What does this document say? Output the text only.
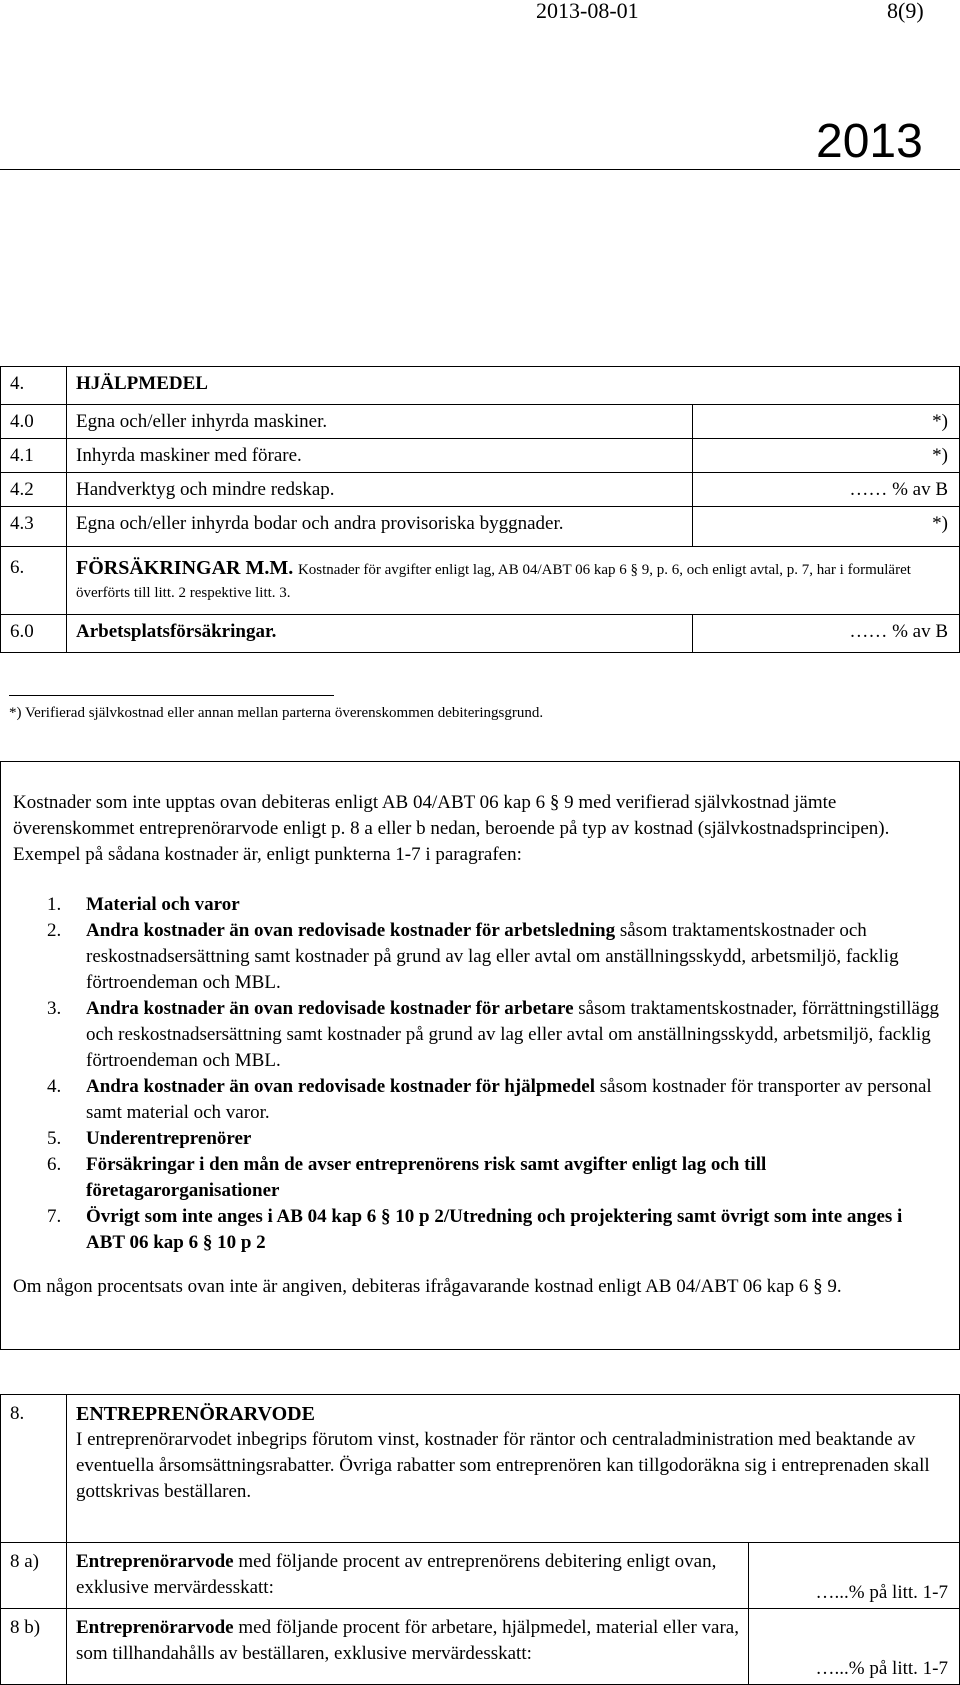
2013-08-01	8(9)
2013
4.	HJÄLPMEDEL	
4.0	Egna och/eller inhyrda maskiner.	*)
4.1	Inhyrda maskiner med förare.	*)
4.2	Handverktyg och mindre redskap.	…… % av B
4.3	Egna och/eller inhyrda bodar och andra provisoriska byggnader.	*)
6.	FÖRSÄKRINGAR M.M. Kostnader för avgifter enligt lag, AB 04/ABT 06 kap 6 § 9, p. 6, och enligt avtal, p. 7, har i formuläret överförts till litt. 2 respektive litt. 3.	
6.0	Arbetsplatsförsäkringar.	…… % av B
*) Verifierad självkostnad eller annan mellan parterna överenskommen debiteringsgrund.
Kostnader som inte upptas ovan debiteras enligt AB 04/ABT 06 kap 6 § 9 med verifierad självkostnad jämte överenskommet entreprenörarvode enligt p. 8 a eller b nedan, beroende på typ av kostnad (självkostnadsprincipen). Exempel på sådana kostnader är, enligt punkterna 1-7 i paragrafen:
1. Material och varor
2. Andra kostnader än ovan redovisade kostnader för arbetsledning såsom traktamentskostnader och reskostnadsersättning samt kostnader på grund av lag eller avtal om anställningsskydd, arbetsmiljö, facklig förtroendeman och MBL.
3. Andra kostnader än ovan redovisade kostnader för arbetare såsom traktamentskostnader, förrättningstillägg och reskostnadsersättning samt kostnader på grund av lag eller avtal om anställningsskydd, arbetsmiljö, facklig förtroendeman och MBL.
4. Andra kostnader än ovan redovisade kostnader för hjälpmedel såsom kostnader för transporter av personal samt material och varor.
5. Underentreprenörer
6. Försäkringar i den mån de avser entreprenörens risk samt avgifter enligt lag och till företagarorganisationer
7. Övrigt som inte anges i AB 04 kap 6 § 10 p 2/Utredning och projektering samt övrigt som inte anges i ABT 06 kap 6 § 10 p 2
Om någon procentsats ovan inte är angiven, debiteras ifrågavarande kostnad enligt AB 04/ABT 06 kap 6 § 9.
8.	ENTREPRENÖRARVODE
I entreprenörarvodet inbegrips förutom vinst, kostnader för räntor och centraladministration med beaktande av eventuella årsomsättningsrabatter. Övriga rabatter som entreprenören kan tillgodoräkna sig i entreprenaden skall gottskrivas beställaren.	

8 a)	Entreprenörarvode med följande procent av entreprenörens debitering enligt ovan, exklusive mervärdesskatt:	…...% på litt. 1-7
8 b)	Entreprenörarvode med följande procent för arbetare, hjälpmedel, material eller vara, som tillhandahålls av beställaren, exklusive mervärdesskatt:	…...% på litt. 1-7
